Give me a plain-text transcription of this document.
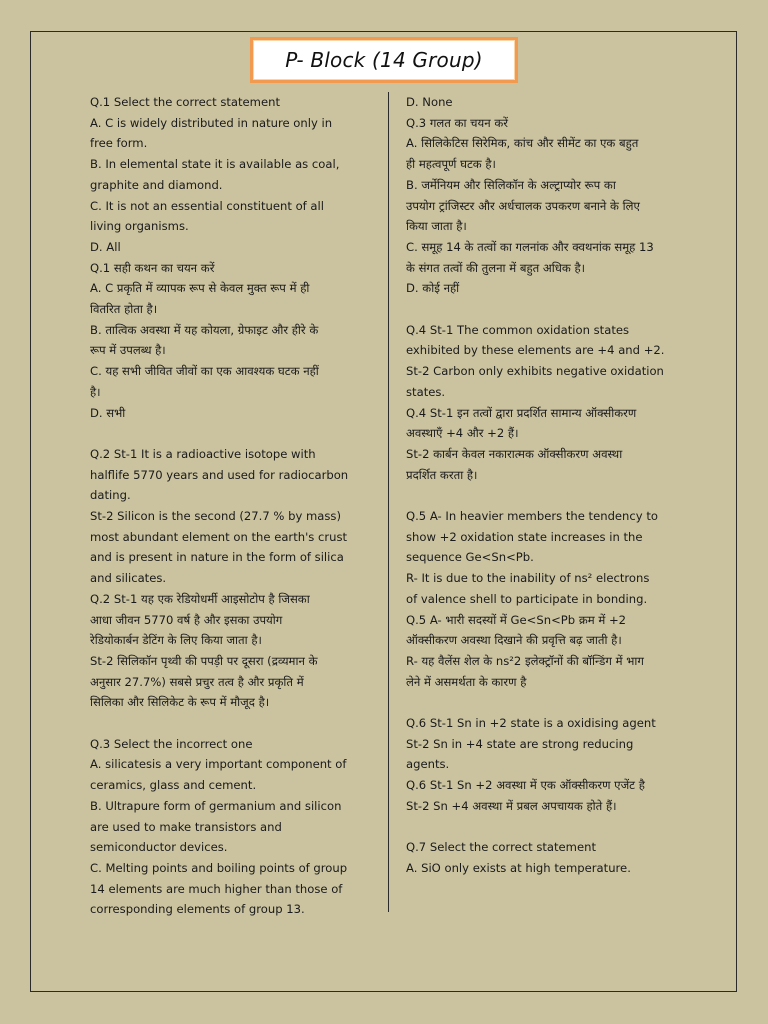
P- Block (14 Group)

Q.1 Select the correct statement

A. C is widely distributed in nature only in

free form.

B. In elemental state it is available as coal,

graphite and diamond.

C. It is not an essential constituent of all

living organisms.

D. All

Q.1 सही कथन का चयन करें

A. C प्रकृति में व्यापक रूप से केवल मुक्त रूप में ही

वितरित होता है।

B. तात्विक अवस्था में यह कोयला, ग्रेफाइट और हीरे के

रूप में उपलब्ध है।

C. यह सभी जीवित जीवों का एक आवश्यक घटक नहीं

है।

D. सभी

Q.2 St-1 It is a radioactive isotope with

halflife 5770 years and used for radiocarbon

dating.

St-2 Silicon is the second (27.7 % by mass)

most abundant element on the earth's crust

and is present in nature in the form of silica

and silicates.

Q.2 St-1 यह एक रेडियोधर्मी आइसोटोप है जिसका

आधा जीवन 5770 वर्ष है और इसका उपयोग

रेडियोकार्बन डेटिंग के लिए किया जाता है।

St-2 सिलिकॉन पृथ्वी की पपड़ी पर दूसरा (द्रव्यमान के

अनुसार 27.7%) सबसे प्रचुर तत्व है और प्रकृति में

सिलिका और सिलिकेट के रूप में मौजूद है।

Q.3 Select the incorrect one

A. silicatesis a very important component of

ceramics, glass and cement.

B. Ultrapure form of germanium and silicon

are used to make transistors and

semiconductor devices.

C. Melting points and boiling points of group

14 elements are much higher than those of

corresponding elements of group 13.

D. None

Q.3 गलत का चयन करें

A. सिलिकेटिस सिरेमिक, कांच और सीमेंट का एक बहुत

ही महत्वपूर्ण घटक है।

B. जर्मेनियम और सिलिकॉन के अल्ट्राप्योर रूप का

उपयोग ट्रांजिस्टर और अर्धचालक उपकरण बनाने के लिए

किया जाता है।

C. समूह 14 के तत्वों का गलनांक और क्वथनांक समूह 13

के संगत तत्वों की तुलना में बहुत अधिक है।

D. कोई नहीं

Q.4 St-1 The common oxidation states

exhibited by these elements are +4 and +2.

St-2 Carbon only exhibits negative oxidation

states.

Q.4 St-1 इन तत्वों द्वारा प्रदर्शित सामान्य ऑक्सीकरण

अवस्थाएँ +4 और +2 हैं।

St-2 कार्बन केवल नकारात्मक ऑक्सीकरण अवस्था

प्रदर्शित करता है।

Q.5 A- In heavier members the tendency to

show +2 oxidation state increases in the

sequence Ge<Sn<Pb.

R- It is due to the inability of ns² electrons

of valence shell to participate in bonding.

Q.5 A- भारी सदस्यों में Ge<Sn<Pb क्रम में +2

ऑक्सीकरण अवस्था दिखाने की प्रवृत्ति बढ़ जाती है।

R- यह वैलेंस शेल के ns²2 इलेक्ट्रॉनों की बॉन्डिंग में भाग

लेने में असमर्थता के कारण है

Q.6 St-1 Sn in +2 state is a oxidising agent

St-2 Sn in +4 state are strong reducing

agents.

Q.6 St-1 Sn +2 अवस्था में एक ऑक्सीकरण एजेंट है

St-2 Sn +4 अवस्था में प्रबल अपचायक होते हैं।

Q.7 Select the correct statement

A. SiO only exists at high temperature.
